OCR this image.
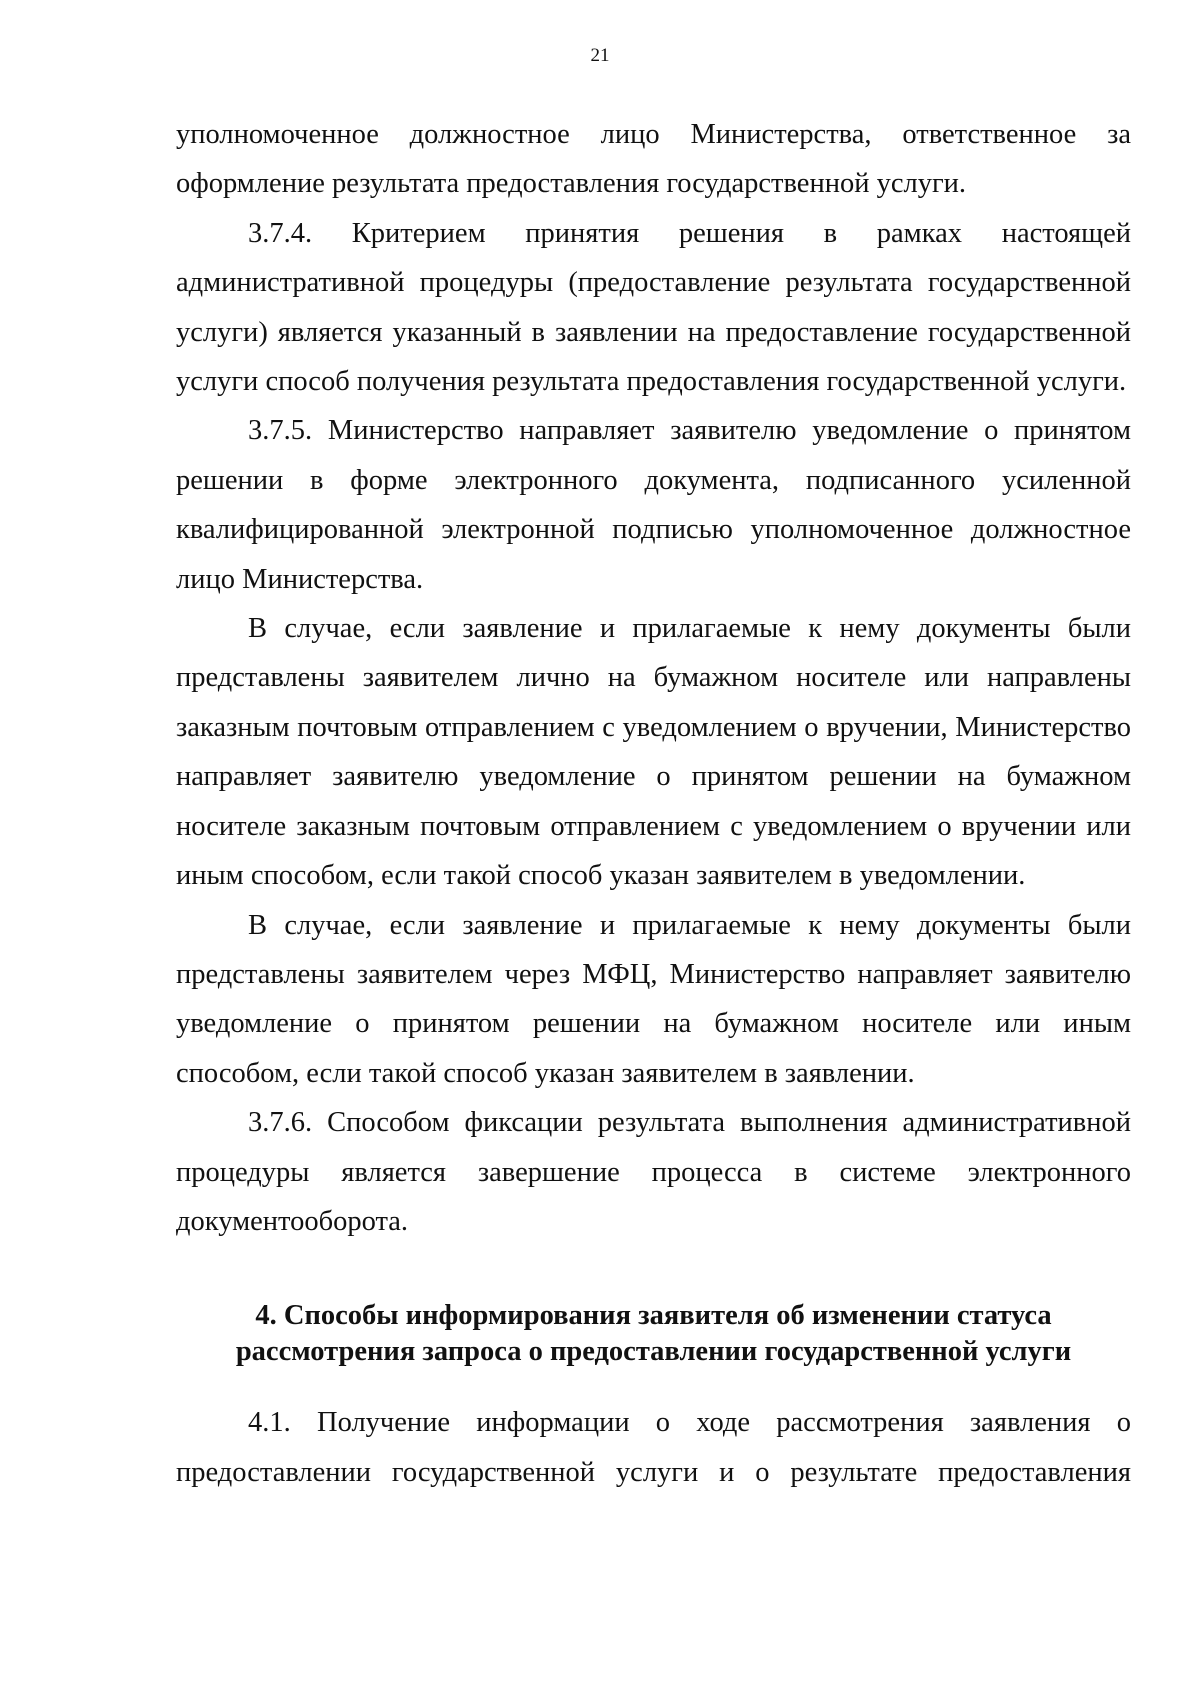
21

уполномоченное должностное лицо Министерства, ответственное за оформление результата предоставления государственной услуги.

3.7.4. Критерием принятия решения в рамках настоящей административной процедуры (предоставление результата государственной услуги) является указанный в заявлении на предоставление государственной услуги способ получения результата предоставления государственной услуги.

3.7.5. Министерство направляет заявителю уведомление о принятом решении в форме электронного документа, подписанного усиленной квалифицированной электронной подписью уполномоченное должностное лицо Министерства.

В случае, если заявление и прилагаемые к нему документы были представлены заявителем лично на бумажном носителе или направлены заказным почтовым отправлением с уведомлением о вручении, Министерство направляет заявителю уведомление о принятом решении на бумажном носителе заказным почтовым отправлением с уведомлением о вручении или иным способом, если такой способ указан заявителем в уведомлении.

В случае, если заявление и прилагаемые к нему документы были представлены заявителем через МФЦ, Министерство направляет заявителю уведомление о принятом решении на бумажном носителе или иным способом, если такой способ указан заявителем в заявлении.

3.7.6. Способом фиксации результата выполнения административной процедуры является завершение процесса в системе электронного документооборота.

4. Способы информирования заявителя об изменении статуса
рассмотрения запроса о предоставлении государственной услуги

4.1. Получение информации о ходе рассмотрения заявления о предоставлении государственной услуги и о результате предоставления
